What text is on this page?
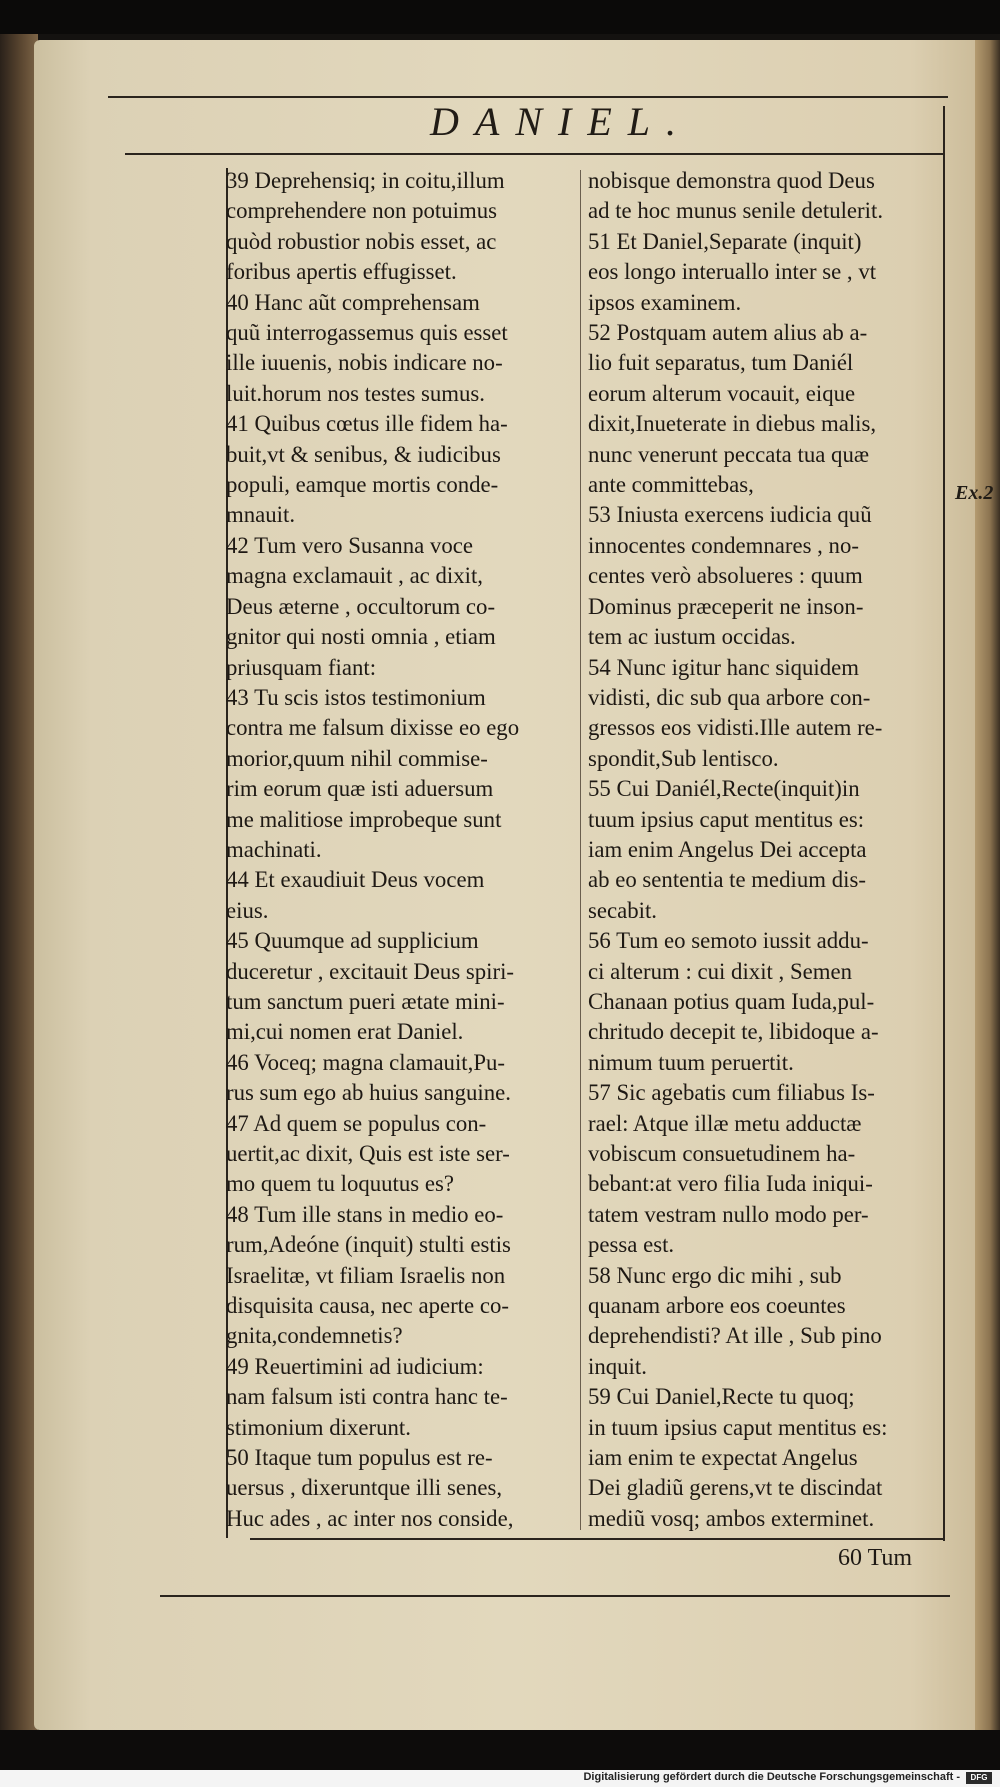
DANIEL.
39 Deprehensiq; in coitu,illum
comprehendere non potuimus
quòd robustior nobis esset, ac
foribus apertis effugisset.
40 Hanc aũt comprehensam
quũ interrogassemus quis esset
ille iuuenis, nobis indicare no-
luit.horum nos testes sumus.
41 Quibus cœtus ille fidem ha-
buit,vt & senibus, & iudicibus
populi, eamque mortis conde-
mnauit.
42 Tum vero Susanna voce
magna exclamauit , ac dixit,
Deus æterne , occultorum co-
gnitor qui nosti omnia , etiam
priusquam fiant:
43 Tu scis istos testimonium
contra me falsum dixisse eo ego
morior,quum nihil commise-
rim eorum quæ isti aduersum
me malitiose improbeque sunt
machinati.
44 Et exaudiuit Deus vocem
eius.
45 Quumque ad supplicium
duceretur , excitauit Deus spiri-
tum sanctum pueri ætate mini-
mi,cui nomen erat Daniel.
46 Voceq; magna clamauit,Pu-
rus sum ego ab huius sanguine.
47 Ad quem se populus con-
uertit,ac dixit, Quis est iste ser-
mo quem tu loquutus es?
48 Tum ille stans in medio eo-
rum,Adeóne (inquit) stulti estis
Israelitæ, vt filiam Israelis non
disquisita causa, nec aperte co-
gnita,condemnetis?
49 Reuertimini ad iudicium:
nam falsum isti contra hanc te-
stimonium dixerunt.
50 Itaque tum populus est re-
uersus , dixeruntque illi senes,
Huc ades , ac inter nos conside,
nobisque demonstra quod Deus
ad te hoc munus senile detulerit.
51 Et Daniel,Separate (inquit)
eos longo interuallo inter se , vt
ipsos examinem.
52 Postquam autem alius ab a-
lio fuit separatus, tum Daniél
eorum alterum vocauit, eique
dixit,Inueterate in diebus malis,
nunc venerunt peccata tua quæ
ante committebas,
53 Iniusta exercens iudicia quũ
innocentes condemnares , no-
centes verò absolueres : quum
Dominus præceperit ne inson-
tem ac iustum occidas.
54 Nunc igitur hanc siquidem
vidisti, dic sub qua arbore con-
gressos eos vidisti.Ille autem re-
spondit,Sub lentisco.
55 Cui Daniél,Recte(inquit)in
tuum ipsius caput mentitus es:
iam enim Angelus Dei accepta
ab eo sententia te medium dis-
secabit.
56 Tum eo semoto iussit addu-
ci alterum : cui dixit , Semen
Chanaan potius quam Iuda,pul-
chritudo decepit te, libidoque a-
nimum tuum peruertit.
57 Sic agebatis cum filiabus Is-
rael: Atque illæ metu adductæ
vobiscum consuetudinem ha-
bebant:at vero filia Iuda iniqui-
tatem vestram nullo modo per-
pessa est.
58 Nunc ergo dic mihi , sub
quanam arbore eos coeuntes
deprehendisti? At ille , Sub pino
inquit.
59 Cui Daniel,Recte tu quoq;
in tuum ipsius caput mentitus es:
iam enim te expectat Angelus
Dei gladiũ gerens,vt te discindat
mediũ vosq; ambos exterminet.
Ex.2
60 Tum
Digitalisierung gefördert durch die Deutsche Forschungsgemeinschaft -	DFG
